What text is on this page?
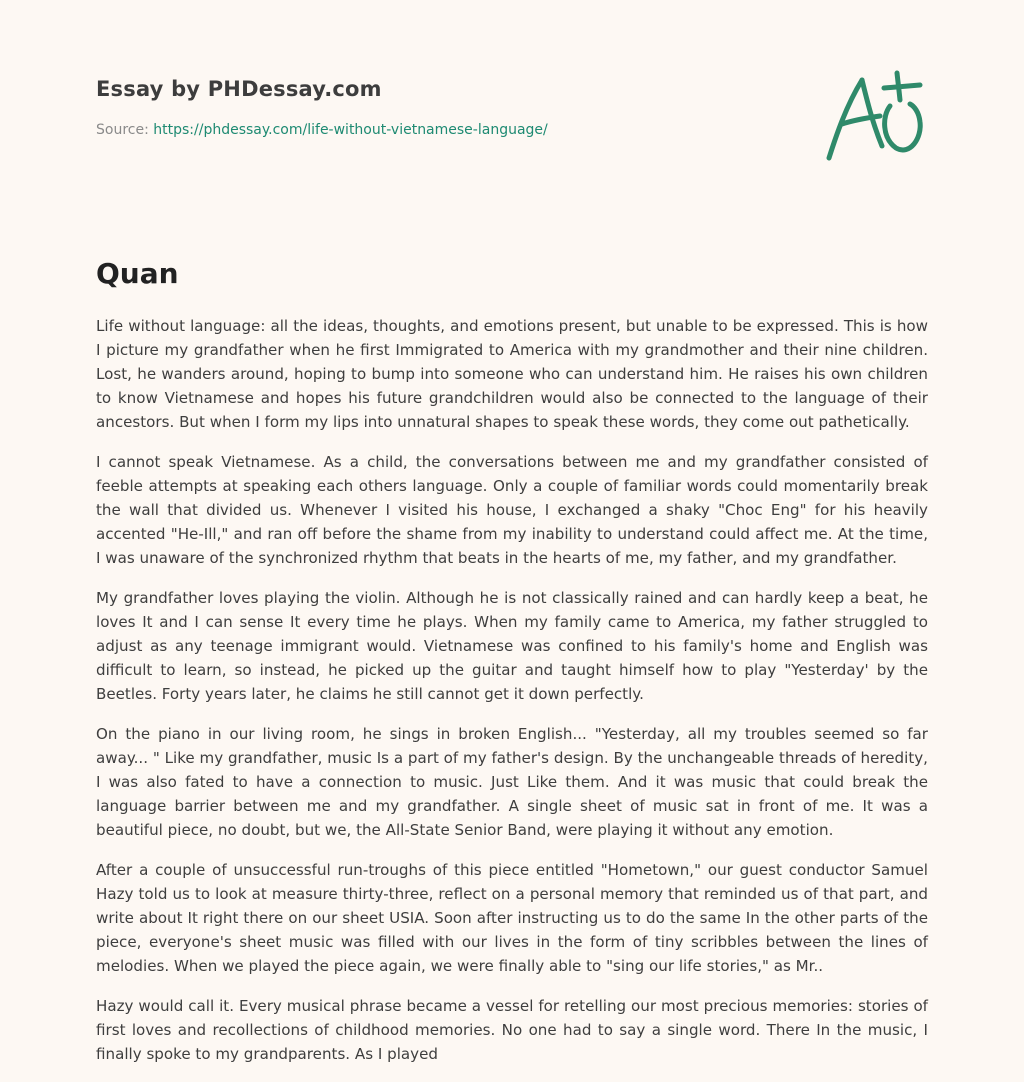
Essay by PHDessay.com
Source: https://phdessay.com/life-without-vietnamese-language/
Quan

Life without language: all the ideas, thoughts, and emotions present, but unable to be expressed. This is how I picture my grandfather when he first Immigrated to America with my grandmother and their nine children. Lost, he wanders around, hoping to bump into someone who can understand him. He raises his own children to know Vietnamese and hopes his future grandchildren would also be connected to the language of their ancestors. But when I form my lips into unnatural shapes to speak these words, they come out pathetically.

I cannot speak Vietnamese. As a child, the conversations between me and my grandfather consisted of feeble attempts at speaking each others language. Only a couple of familiar words could momentarily break the wall that divided us. Whenever I visited his house, I exchanged a shaky "Choc Eng" for his heavily accented "He-Ill," and ran off before the shame from my inability to understand could affect me. At the time, I was unaware of the synchronized rhythm that beats in the hearts of me, my father, and my grandfather.

My grandfather loves playing the violin. Although he is not classically rained and can hardly keep a beat, he loves It and I can sense It every time he plays. When my family came to America, my father struggled to adjust as any teenage immigrant would. Vietnamese was confined to his family's home and English was difficult to learn, so instead, he picked up the guitar and taught himself how to play "Yesterday' by the Beetles. Forty years later, he claims he still cannot get it down perfectly.

On the piano in our living room, he sings in broken English... "Yesterday, all my troubles seemed so far away... " Like my grandfather, music Is a part of my father's design. By the unchangeable threads of heredity, I was also fated to have a connection to music. Just Like them. And it was music that could break the language barrier between me and my grandfather. A single sheet of music sat in front of me. It was a beautiful piece, no doubt, but we, the All-State Senior Band, were playing it without any emotion.

After a couple of unsuccessful run-troughs of this piece entitled "Hometown," our guest conductor Samuel Hazy told us to look at measure thirty-three, reflect on a personal memory that reminded us of that part, and write about It right there on our sheet USIA. Soon after instructing us to do the same In the other parts of the piece, everyone's sheet music was filled with our lives in the form of tiny scribbles between the lines of melodies. When we played the piece again, we were finally able to "sing our life stories," as Mr..

Hazy would call it. Every musical phrase became a vessel for retelling our most precious memories: stories of first loves and recollections of childhood memories. No one had to say a single word. There In the music, I finally spoke to my grandparents. As I played
